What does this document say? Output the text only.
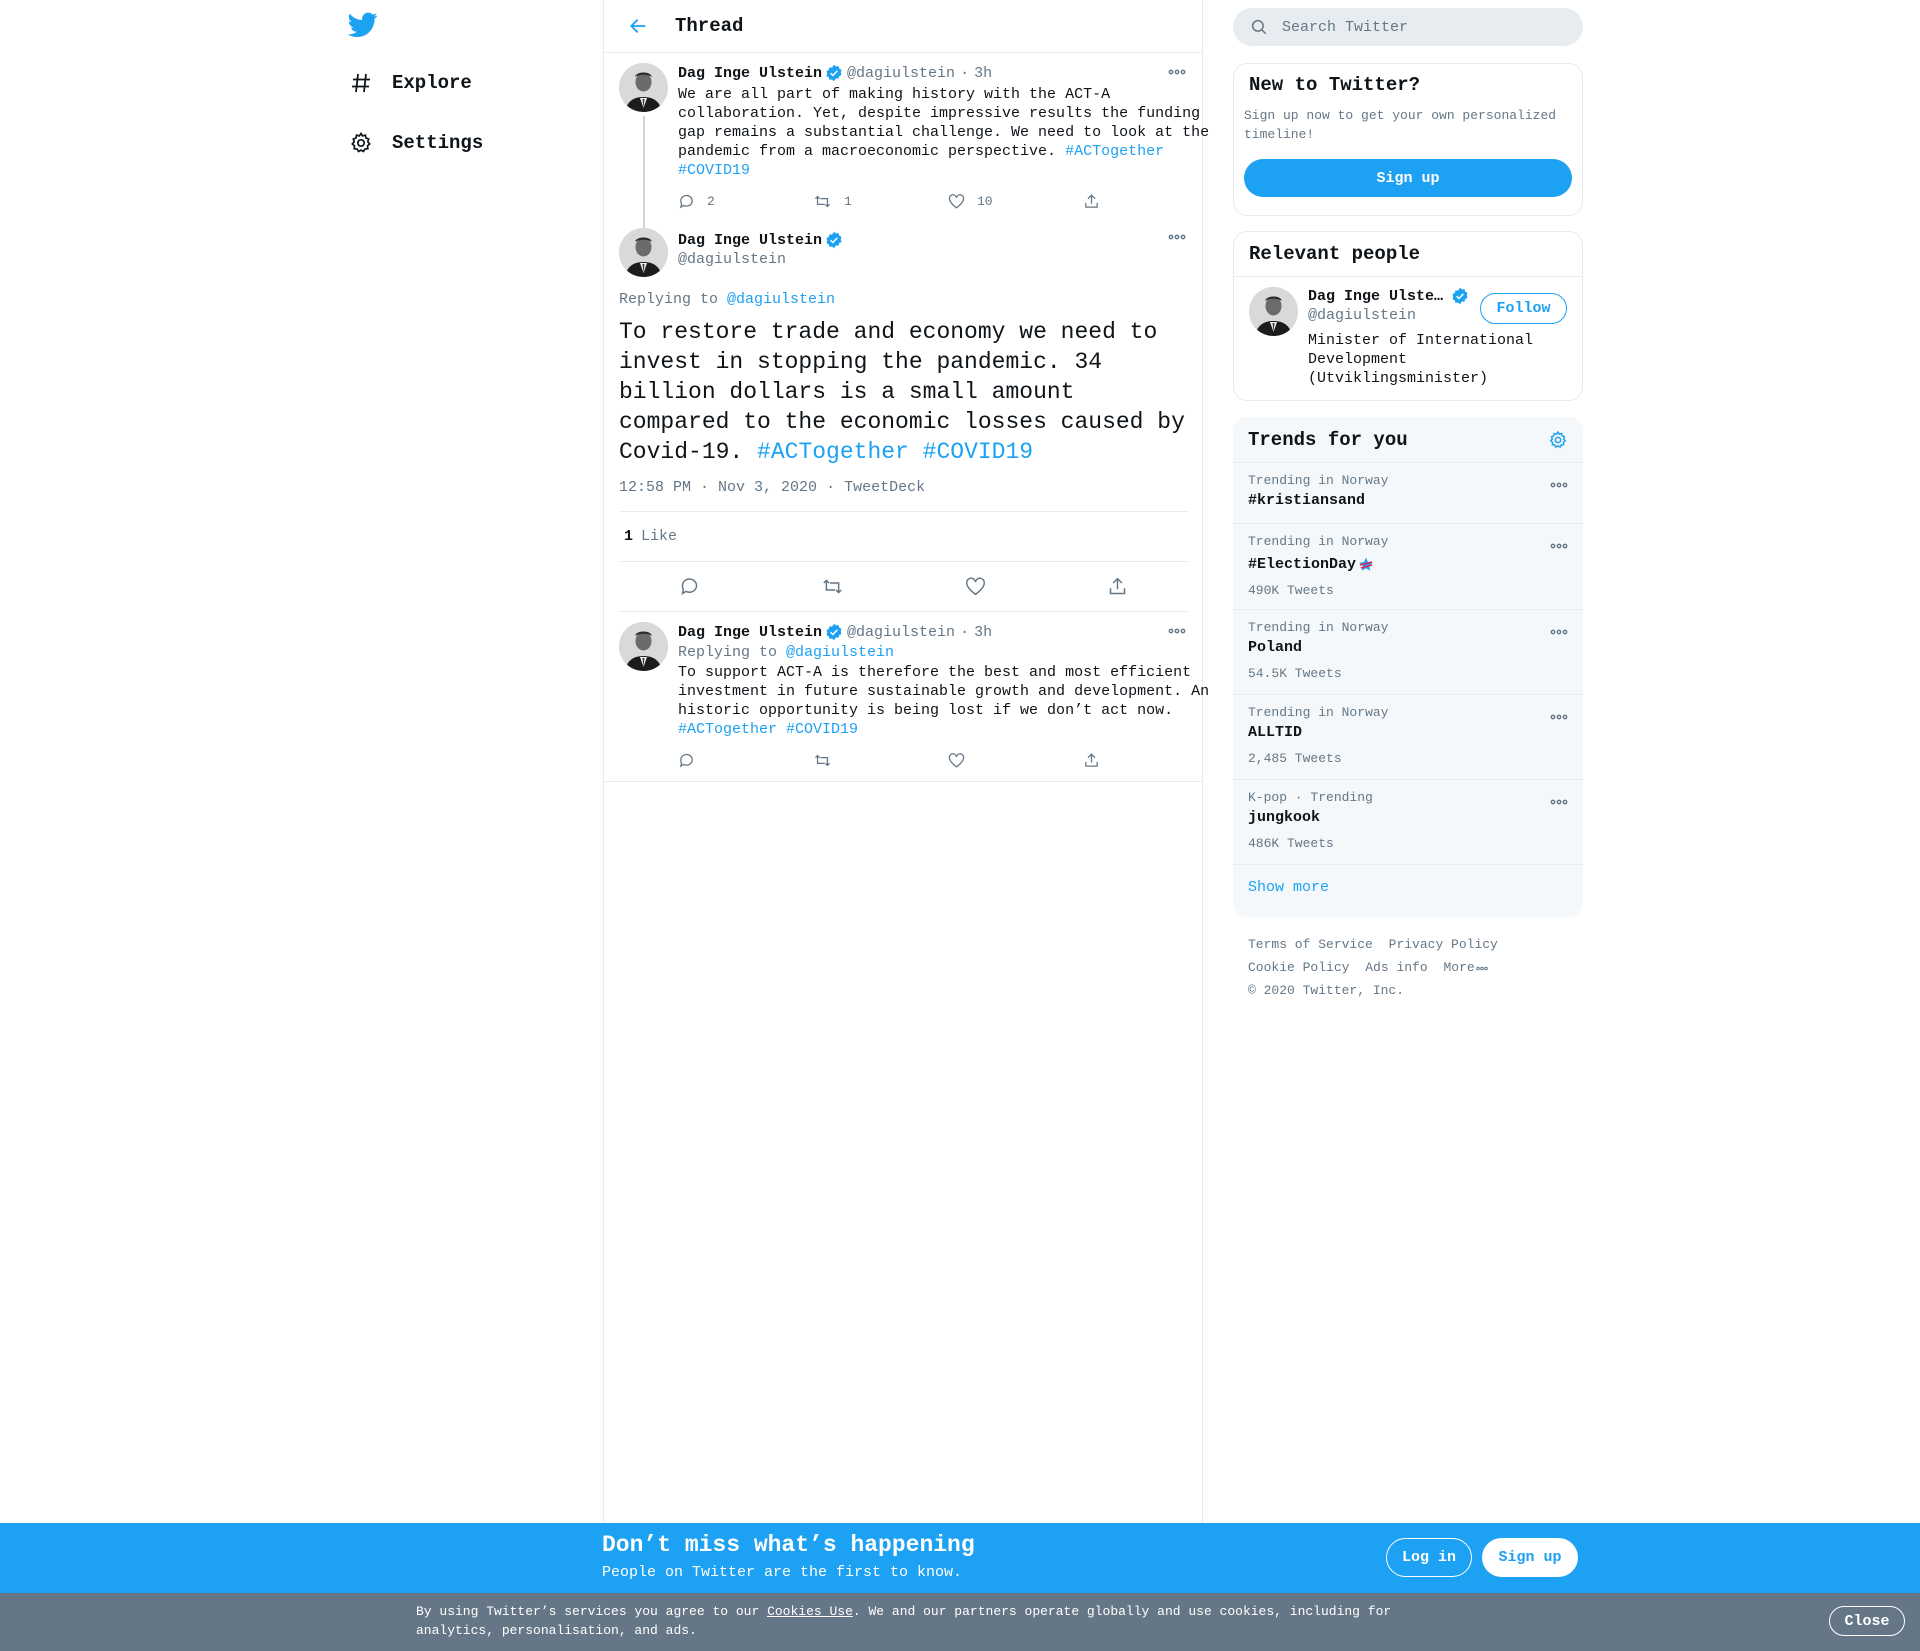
Explore
Settings
Thread
Dag Inge Ulstein @dagiulstein · 3h
We are all part of making history with the ACT-A collaboration. Yet, despite impressive results the funding gap remains a substantial challenge. We need to look at the pandemic from a macroeconomic perspective. #ACTogether #COVID19
2	1	10
Dag Inge Ulstein
@dagiulstein
Replying to @dagiulstein
To restore trade and economy we need to invest in stopping the pandemic. 34 billion dollars is a small amount compared to the economic losses caused by Covid-19. #ACTogether #COVID19
12:58 PM · Nov 3, 2020 · TweetDeck
1 Like
Dag Inge Ulstein @dagiulstein · 3h
Replying to @dagiulstein
To support ACT-A is therefore the best and most efficient investment in future sustainable growth and development. An historic opportunity is being lost if we don’t act now. #ACTogether #COVID19
Search Twitter
New to Twitter?
Sign up now to get your own personalized timeline!
Sign up
Relevant people
Dag Inge Ulste…
@dagiulstein
Minister of International Development (Utviklingsminister)
Follow
Trends for you
Trending in Norway
#kristiansand
Trending in Norway
#ElectionDay
490K Tweets
Trending in Norway
Poland
54.5K Tweets
Trending in Norway
ALLTID
2,485 Tweets
K-pop · Trending
jungkook
486K Tweets
Show more
Terms of Service Privacy Policy
Cookie Policy Ads info More
© 2020 Twitter, Inc.
Don’t miss what’s happening
People on Twitter are the first to know.
Log in	Sign up
By using Twitter’s services you agree to our Cookies Use. We and our partners operate globally and use cookies, including for analytics, personalisation, and ads.
Close
